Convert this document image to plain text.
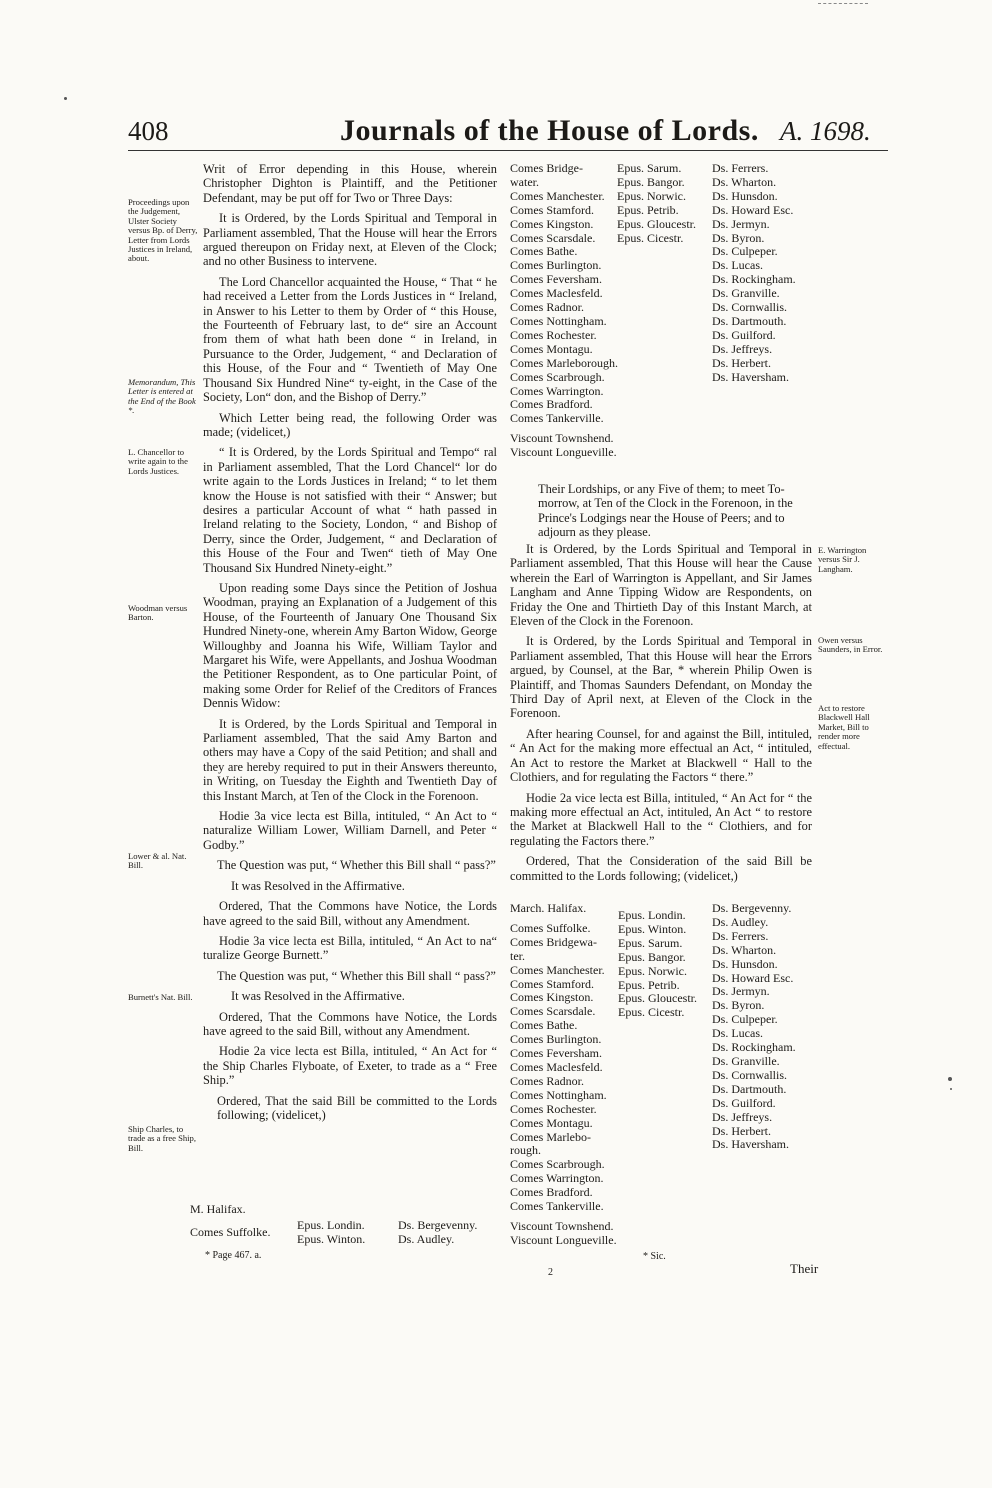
408	Journals of the House of Lords. A. 1698.

Writ of Error depending in this House, wherein Christopher Dighton is Plaintiff, and the Petitioner Defendant, may be put off for Two or Three Days:

It is Ordered, by the Lords Spiritual and Temporal in Parliament assembled, That the House will hear the Errors argued thereupon on Friday next, at Eleven of the Clock; and no other Business to intervene.

The Lord Chancellor acquainted the House, “ That “ he had received a Letter from the Lords Justices in “ Ireland, in Answer to his Letter to them by Order of “ this House, the Fourteenth of February last, to de“ sire an Account from them of what hath been done “ in Ireland, in Pursuance to the Order, Judgement, “ and Declaration of this House, of the Four and “ Twentieth of May One Thousand Six Hundred Nine“ ty-eight, in the Case of the Society, Lon“ don, and the Bishop of Derry.”

Which Letter being read, the following Order was made; (videlicet,)

“ It is Ordered, by the Lords Spiritual and Tempo“ ral in Parliament assembled, That the Lord Chancel“ lor do write again to the Lords Justices in Ireland; “ to let them know the House is not satisfied with their “ Answer; but desires a particular Account of what “ hath passed in Ireland relating to the Society, London, “ and Bishop of Derry, since the Order, Judgement, “ and Declaration of this House of the Four and Twen“ tieth of May One Thousand Six Hundred Ninety-eight.”

Upon reading some Days since the Petition of Joshua Woodman, praying an Explanation of a Judgement of this House, of the Fourteenth of January One Thousand Six Hundred Ninety-one, wherein Amy Barton Widow, George Willoughby and Joanna his Wife, William Taylor and Margaret his Wife, were Appellants, and Joshua Woodman the Petitioner Respondent, as to One particular Point, of making some Order for Relief of the Creditors of Frances Dennis Widow:

It is Ordered, by the Lords Spiritual and Temporal in Parliament assembled, That the said Amy Barton and others may have a Copy of the said Petition; and shall and they are hereby required to put in their Answers thereunto, in Writing, on Tuesday the Eighth and Twentieth Day of this Instant March, at Ten of the Clock in the Forenoon.

Hodie 3a vice lecta est Billa, intituled, “ An Act to “ naturalize William Lower, William Darnell, and Peter “ Godby.”

The Question was put, “ Whether this Bill shall “ pass?”

It was Resolved in the Affirmative.

Ordered, That the Commons have Notice, the Lords have agreed to the said Bill, without any Amendment.

Hodie 3a vice lecta est Billa, intituled, “ An Act to na“ turalize George Burnett.”

The Question was put, “ Whether this Bill shall “ pass?”

It was Resolved in the Affirmative.

Ordered, That the Commons have Notice, the Lords have agreed to the said Bill, without any Amendment.

Hodie 2a vice lecta est Billa, intituled, “ An Act for “ the Ship Charles Flyboate, of Exeter, to trade as a “ Free Ship.”

Ordered, That the said Bill be committed to the Lords following; (videlicet,)

M. Halifax.
Comes Suffolke. Epus. Londin.
Epus. Winton.
Ds. Bergevenny.
Ds. Audley.
* Page 467. a.
Proceedings upon the Judgement, Ulster Society versus Bp. of Derry, Letter from Lords Justices in Ireland, about.
Memorandum, This Letter is entered at the End of the Book *.
L. Chancellor to write again to the Lords Justices.
Woodman versus Barton.
Lower & al. Nat. Bill.
Burnett's Nat. Bill.
Ship Charles, to trade as a free Ship, Bill.
Comes Bridge-
water.
Comes Manchester.
Comes Stamford.
Comes Kingston.
Comes Scarsdale.
Comes Bathe.
Comes Burlington.
Comes Feversham.
Comes Maclesfeld.
Comes Radnor.
Comes Nottingham.
Comes Rochester.
Comes Montagu.
Comes Marleborough.
Comes Scarbrough.
Comes Warrington.
Comes Bradford.
Comes Tankerville.
Viscount Townshend.
Viscount Longueville.
Epus. Sarum.
Epus. Bangor.
Epus. Norwic.
Epus. Petrib.
Epus. Gloucestr.
Epus. Cicestr.
Ds. Ferrers.
Ds. Wharton.
Ds. Hunsdon.
Ds. Howard Esc.
Ds. Jermyn.
Ds. Byron.
Ds. Culpeper.
Ds. Lucas.
Ds. Rockingham.
Ds. Granville.
Ds. Cornwallis.
Ds. Dartmouth.
Ds. Guilford.
Ds. Jeffreys.
Ds. Herbert.
Ds. Haversham.
Their Lordships, or any Five of them; to meet To-morrow, at Ten of the Clock in the Forenoon, in the Prince's Lodgings near the House of Peers; and to adjourn as they please.

It is Ordered, by the Lords Spiritual and Temporal in Parliament assembled, That this House will hear the Cause wherein the Earl of Warrington is Appellant, and Sir James Langham and Anne Tipping Widow are Respondents, on Friday the One and Thirtieth Day of this Instant March, at Eleven of the Clock in the Forenoon.

It is Ordered, by the Lords Spiritual and Temporal in Parliament assembled, That this House will hear the Errors argued, by Counsel, at the Bar, * wherein Philip Owen is Plaintiff, and Thomas Saunders Defendant, on Monday the Third Day of April next, at Eleven of the Clock in the Forenoon.

After hearing Counsel, for and against the Bill, intituled, “ An Act for the making more effectual an Act, “ intituled, An Act to restore the Market at Blackwell “ Hall to the Clothiers, and for regulating the Factors “ there.”

Hodie 2a vice lecta est Billa, intituled, “ An Act for “ the making more effectual an Act, intituled, An Act “ to restore the Market at Blackwell Hall to the “ Clothiers, and for regulating the Factors there.”

Ordered, That the Consideration of the said Bill be committed to the Lords following; (videlicet,)

E. Warrington versus Sir J. Langham.
Owen versus Saunders, in Error.
Act to restore Blackwell Hall Market, Bill to render more effectual.
March. Halifax.
Comes Suffolke.
Comes Bridgewa-
ter.
Comes Manchester.
Comes Stamford.
Comes Kingston.
Comes Scarsdale.
Comes Bathe.
Comes Burlington.
Comes Feversham.
Comes Maclesfeld.
Comes Radnor.
Comes Nottingham.
Comes Rochester.
Comes Montagu.
Comes Marlebo-
rough.
Comes Scarbrough.
Comes Warrington.
Comes Bradford.
Comes Tankerville.
Viscount Townshend.
Viscount Longueville.
Epus. Londin.
Epus. Winton.
Epus. Sarum.
Epus. Bangor.
Epus. Norwic.
Epus. Petrib.
Epus. Gloucestr.
Epus. Cicestr.
Ds. Bergevenny.
Ds. Audley.
Ds. Ferrers.
Ds. Wharton.
Ds. Hunsdon.
Ds. Howard Esc.
Ds. Jermyn.
Ds. Byron.
Ds. Culpeper.
Ds. Lucas.
Ds. Rockingham.
Ds. Granville.
Ds. Cornwallis.
Ds. Dartmouth.
Ds. Guilford.
Ds. Jeffreys.
Ds. Herbert.
Ds. Haversham.
2
* Sic.
Their
